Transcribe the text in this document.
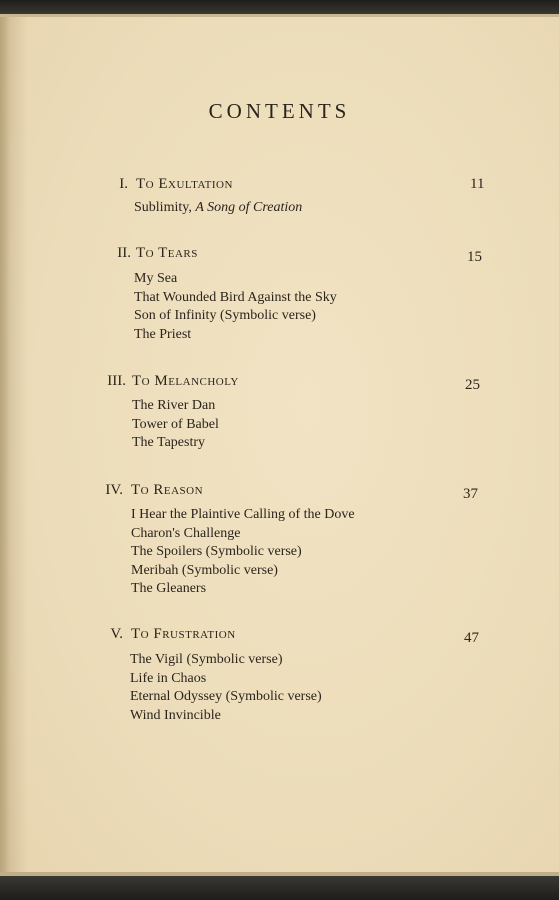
CONTENTS
I. To Exultation	11
Sublimity, A Song of Creation
II. To Tears	15
My Sea
That Wounded Bird Against the Sky
Son of Infinity (Symbolic verse)
The Priest
III. To Melancholy	25
The River Dan
Tower of Babel
The Tapestry
IV. To Reason	37
I Hear the Plaintive Calling of the Dove
Charon's Challenge
The Spoilers (Symbolic verse)
Meribah (Symbolic verse)
The Gleaners
V. To Frustration	47
The Vigil (Symbolic verse)
Life in Chaos
Eternal Odyssey (Symbolic verse)
Wind Invincible
